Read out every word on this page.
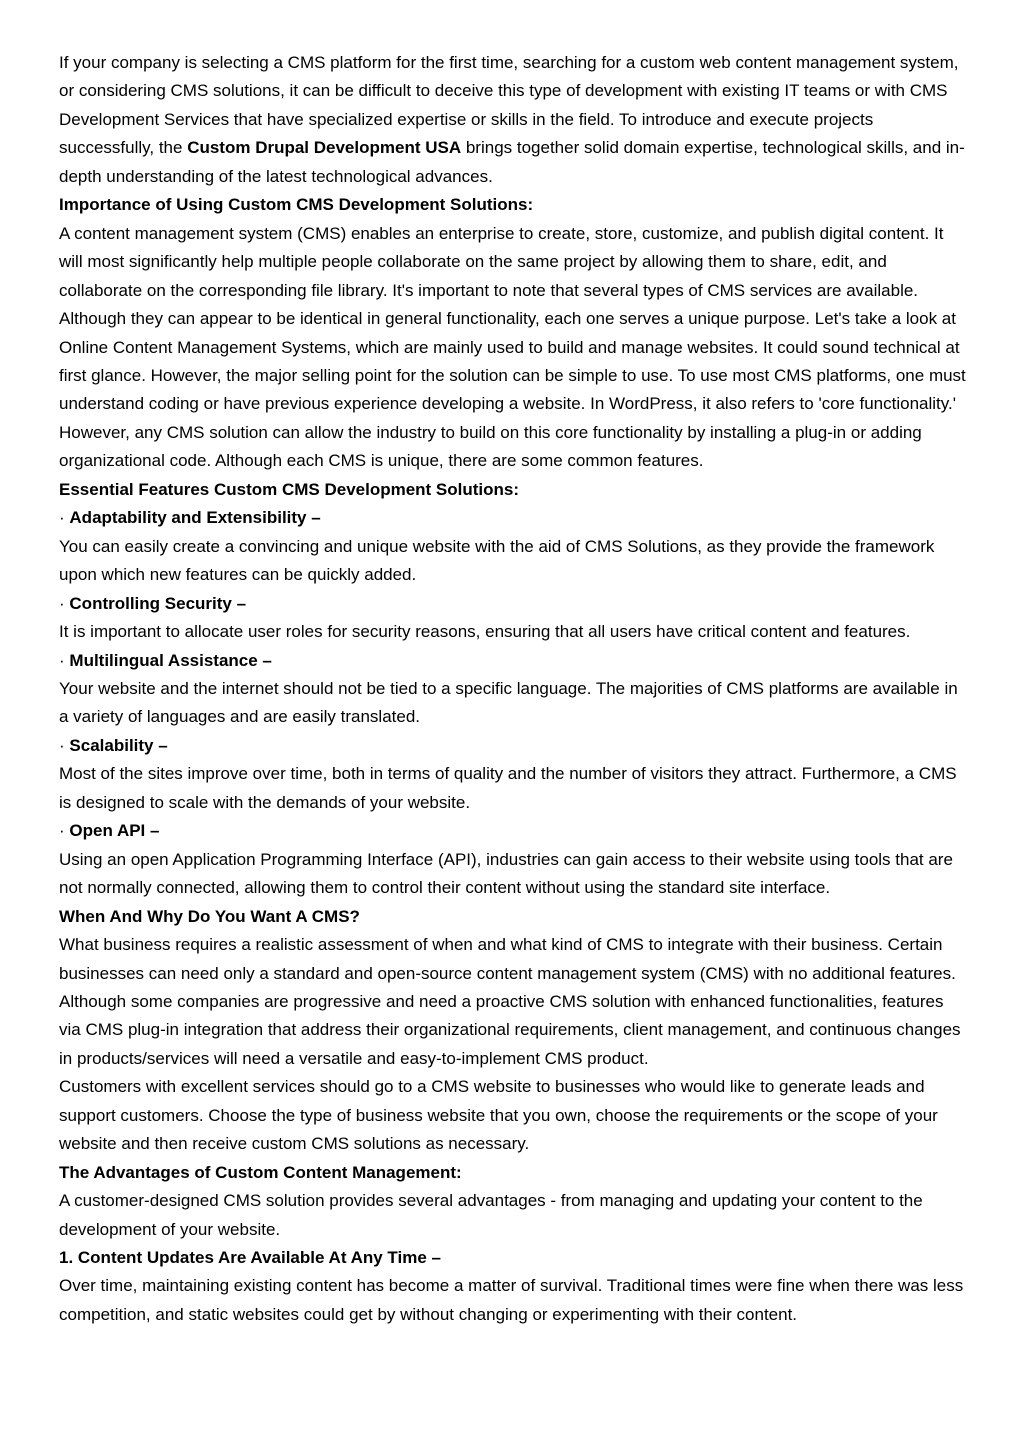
If your company is selecting a CMS platform for the first time, searching for a custom web content management system, or considering CMS solutions, it can be difficult to deceive this type of development with existing IT teams or with CMS Development Services that have specialized expertise or skills in the field. To introduce and execute projects successfully, the Custom Drupal Development USA brings together solid domain expertise, technological skills, and in-depth understanding of the latest technological advances.

Importance of Using Custom CMS Development Solutions:

A content management system (CMS) enables an enterprise to create, store, customize, and publish digital content. It will most significantly help multiple people collaborate on the same project by allowing them to share, edit, and collaborate on the corresponding file library. It's important to note that several types of CMS services are available. Although they can appear to be identical in general functionality, each one serves a unique purpose. Let's take a look at Online Content Management Systems, which are mainly used to build and manage websites. It could sound technical at first glance. However, the major selling point for the solution can be simple to use. To use most CMS platforms, one must understand coding or have previous experience developing a website. In WordPress, it also refers to 'core functionality.' However, any CMS solution can allow the industry to build on this core functionality by installing a plug-in or adding organizational code. Although each CMS is unique, there are some common features.

Essential Features Custom CMS Development Solutions:

· Adaptability and Extensibility –

You can easily create a convincing and unique website with the aid of CMS Solutions, as they provide the framework upon which new features can be quickly added.

· Controlling Security –

It is important to allocate user roles for security reasons, ensuring that all users have critical content and features.

· Multilingual Assistance –

Your website and the internet should not be tied to a specific language. The majorities of CMS platforms are available in a variety of languages and are easily translated.

· Scalability –

Most of the sites improve over time, both in terms of quality and the number of visitors they attract. Furthermore, a CMS is designed to scale with the demands of your website.

· Open API –

Using an open Application Programming Interface (API), industries can gain access to their website using tools that are not normally connected, allowing them to control their content without using the standard site interface.

When And Why Do You Want A CMS?

What business requires a realistic assessment of when and what kind of CMS to integrate with their business. Certain businesses can need only a standard and open-source content management system (CMS) with no additional features. Although some companies are progressive and need a proactive CMS solution with enhanced functionalities, features via CMS plug-in integration that address their organizational requirements, client management, and continuous changes in products/services will need a versatile and easy-to-implement CMS product.

Customers with excellent services should go to a CMS website to businesses who would like to generate leads and support customers. Choose the type of business website that you own, choose the requirements or the scope of your website and then receive custom CMS solutions as necessary.

The Advantages of Custom Content Management:

A customer-designed CMS solution provides several advantages - from managing and updating your content to the development of your website.

1. Content Updates Are Available At Any Time –

Over time, maintaining existing content has become a matter of survival. Traditional times were fine when there was less competition, and static websites could get by without changing or experimenting with their content.
